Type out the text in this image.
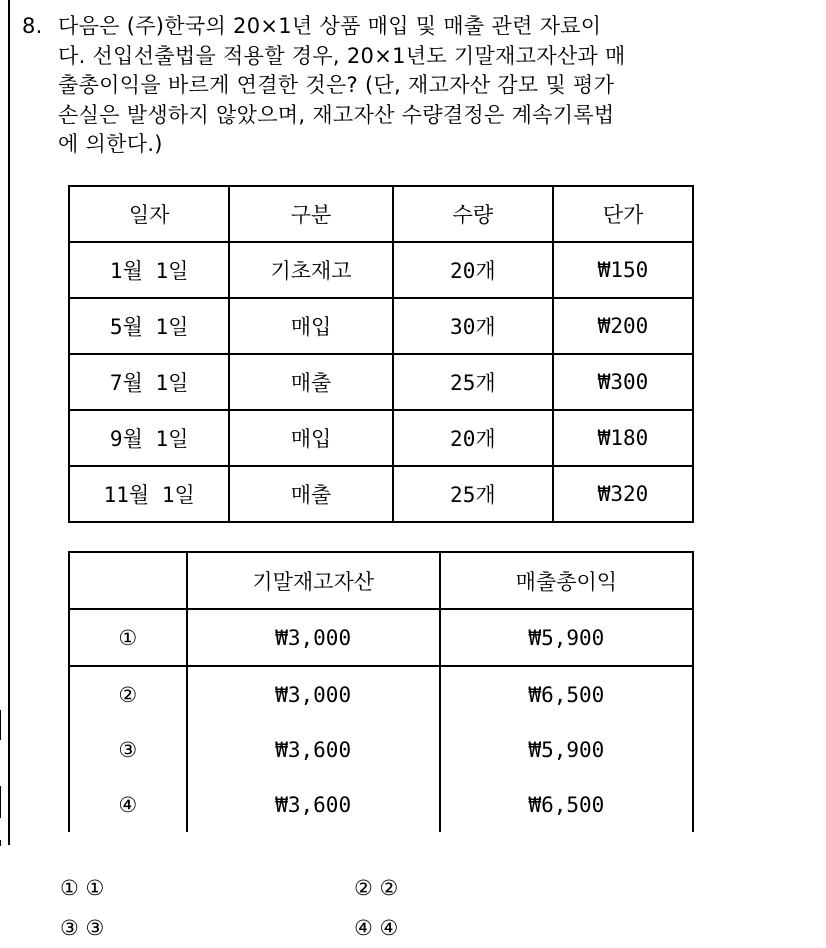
8. 다음은 (주)한국의 20×1년 상품 매입 및 매출 관련 자료이
다. 선입선출법을 적용할 경우, 20×1년도 기말재고자산과 매
출총이익을 바르게 연결한 것은? (단, 재고자산 감모 및 평가
손실은 발생하지 않았으며, 재고자산 수량결정은 계속기록법
에 의한다.)
일자	구분	수량	단가
1월 1일	기초재고	20개	₩150
5월 1일	매입	30개	₩200
7월 1일	매출	25개	₩300
9월 1일	매입	20개	₩180
11월 1일	매출	25개	₩320
	기말재고자산	매출총이익
①	₩3,000	₩5,900
②	₩3,000	₩6,500
③	₩3,600	₩5,900
④	₩3,600	₩6,500
① ①	② ②
③ ③	④ ④
